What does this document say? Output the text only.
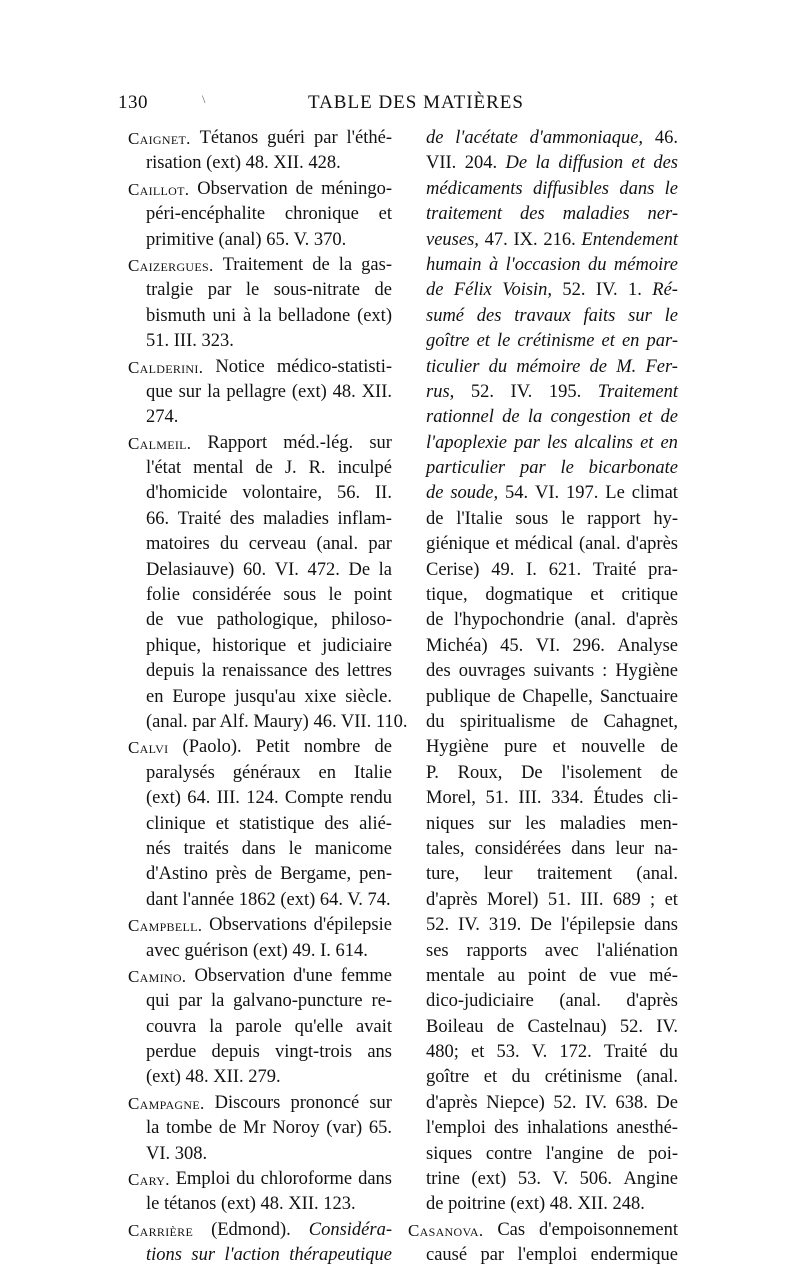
130	\	TABLE DES MATIÈRES
Caignet. Tétanos guéri par l'éthé-
risation (ext) 48. XII. 428.
Caillot. Observation de méningo-
péri-encéphalite chronique et
primitive (anal) 65. V. 370.
Caizergues. Traitement de la gas-
tralgie par le sous-nitrate de
bismuth uni à la belladone (ext)
51. III. 323.
Calderini. Notice médico-statisti-
que sur la pellagre (ext) 48. XII.
274.
Calmeil. Rapport méd.-lég. sur
l'état mental de J. R. inculpé
d'homicide volontaire, 56. II.
66. Traité des maladies inflam-
matoires du cerveau (anal. par
Delasiauve) 60. VI. 472. De la
folie considérée sous le point
de vue pathologique, philoso-
phique, historique et judiciaire
depuis la renaissance des lettres
en Europe jusqu'au xixe siècle.
(anal. par Alf. Maury) 46. VII. 110.
Calvi (Paolo). Petit nombre de
paralysés généraux en Italie
(ext) 64. III. 124. Compte rendu
clinique et statistique des alié-
nés traités dans le manicome
d'Astino près de Bergame, pen-
dant l'année 1862 (ext) 64. V. 74.
Campbell. Observations d'épilepsie
avec guérison (ext) 49. I. 614.
Camino. Observation d'une femme
qui par la galvano-puncture re-
couvra la parole qu'elle avait
perdue depuis vingt-trois ans
(ext) 48. XII. 279.
Campagne. Discours prononcé sur
la tombe de Mr Noroy (var) 65.
VI. 308.
Cary. Emploi du chloroforme dans
le tétanos (ext) 48. XII. 123.
Carrière (Edmond). Considéra-
tions sur l'action thérapeutique
de l'acétate d'ammoniaque, 46.
VII. 204. De la diffusion et des
médicaments diffusibles dans le
traitement des maladies ner-
veuses, 47. IX. 216. Entendement
humain à l'occasion du mémoire
de Félix Voisin, 52. IV. 1. Ré-
sumé des travaux faits sur le
goître et le crétinisme et en par-
ticulier du mémoire de M. Fer-
rus, 52. IV. 195. Traitement
rationnel de la congestion et de
l'apoplexie par les alcalins et en
particulier par le bicarbonate
de soude, 54. VI. 197. Le climat
de l'Italie sous le rapport hy-
giénique et médical (anal. d'après
Cerise) 49. I. 621. Traité pra-
tique, dogmatique et critique
de l'hypochondrie (anal. d'après
Michéa) 45. VI. 296. Analyse
des ouvrages suivants : Hygiène
publique de Chapelle, Sanctuaire
du spiritualisme de Cahagnet,
Hygiène pure et nouvelle de
P. Roux, De l'isolement de
Morel, 51. III. 334. Études cli-
niques sur les maladies men-
tales, considérées dans leur na-
ture, leur traitement (anal.
d'après Morel) 51. III. 689 ; et
52. IV. 319. De l'épilepsie dans
ses rapports avec l'aliénation
mentale au point de vue mé-
dico-judiciaire (anal. d'après
Boileau de Castelnau) 52. IV.
480; et 53. V. 172. Traité du
goître et du crétinisme (anal.
d'après Niepce) 52. IV. 638. De
l'emploi des inhalations anesthé-
siques contre l'angine de poi-
trine (ext) 53. V. 506. Angine
de poitrine (ext) 48. XII. 248.
Casanova. Cas d'empoisonnement
causé par l'emploi endermique
